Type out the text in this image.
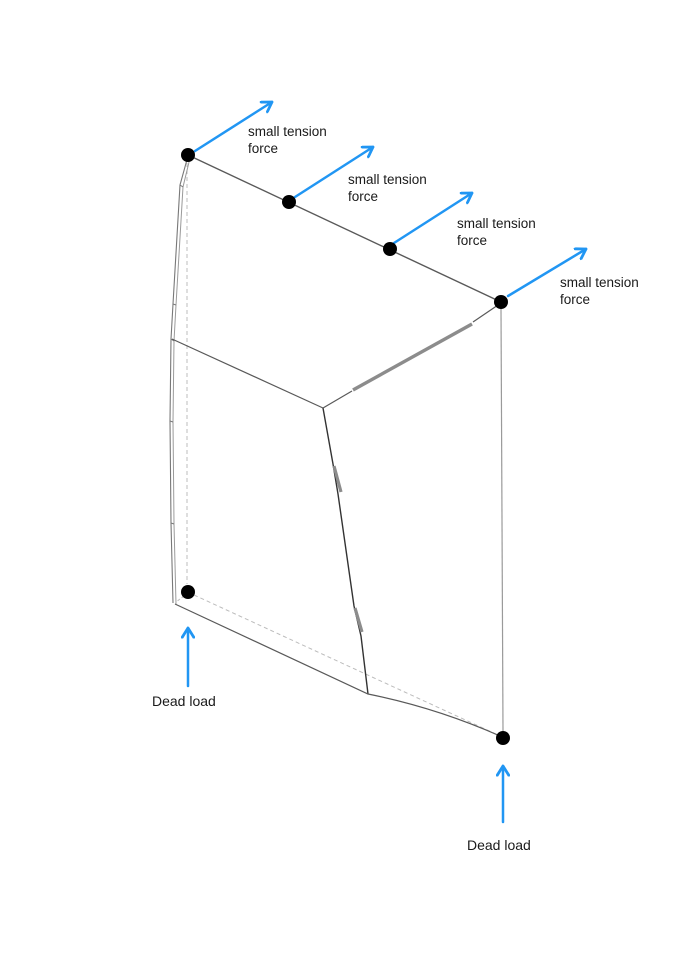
small tension
force
small tension
force
small tension
force
small tension
force
Dead load
Dead load
